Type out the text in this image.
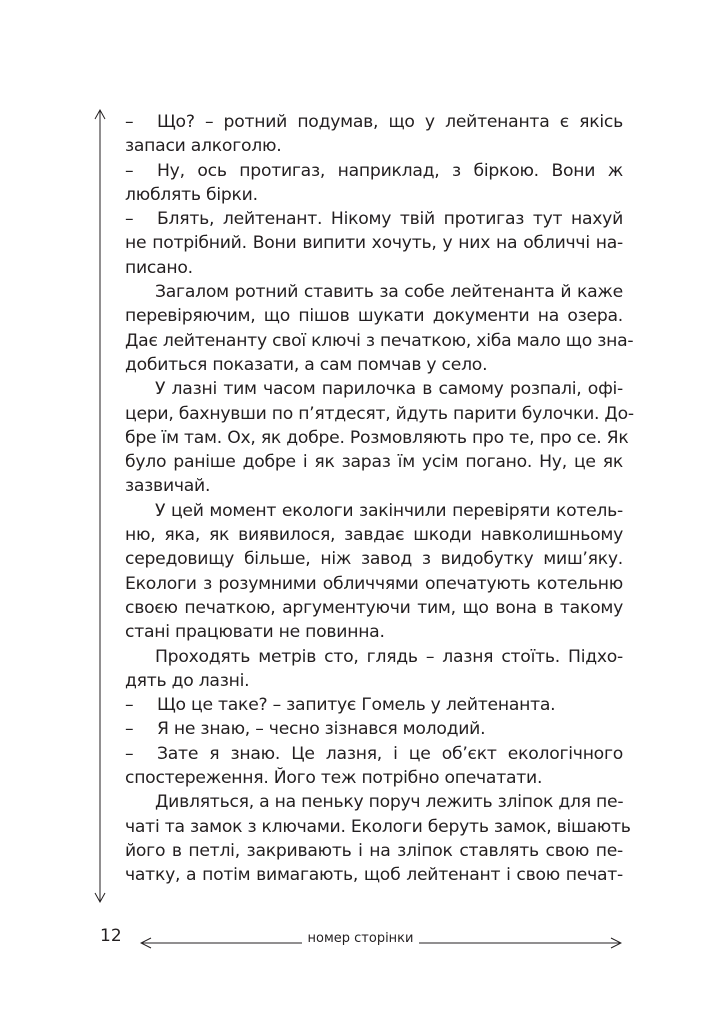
– Що? – ротний подумав, що у лейтенанта є якісь
запаси алкоголю.
– Ну, ось протигаз, наприклад, з біркою. Вони ж
люблять бірки.
– Блять, лейтенант. Нікому твій протигаз тут нахуй
не потрібний. Вони випити хочуть, у них на обличчі на-
писано.
Загалом ротний ставить за собе лейтенанта й каже
перевіряючим, що пішов шукати документи на озера.
Дає лейтенанту свої ключі з печаткою, хіба мало що зна-
добиться показати, а сам помчав у село.
У лазні тим часом парилочка в самому розпалі, офі-
цери, бахнувши по п’ятдесят, йдуть парити булочки. До-
бре їм там. Ох, як добре. Розмовляють про те, про се. Як
було раніше добре і як зараз їм усім погано. Ну, це як
зазвичай.
У цей момент екологи закінчили перевіряти котель-
ню, яка, як виявилося, завдає шкоди навколишньому
середовищу більше, ніж завод з видобутку миш’яку.
Екологи з розумними обличчями опечатують котельню
своєю печаткою, аргументуючи тим, що вона в такому
стані працювати не повинна.
Проходять метрів сто, глядь – лазня стоїть. Підхо-
дять до лазні.
– Що це таке? – запитує Гомель у лейтенанта.
– Я не знаю, – чесно зізнався молодий.
– Зате я знаю. Це лазня, і це об’єкт екологічного
спостереження. Його теж потрібно опечатати.
Дивляться, а на пеньку поруч лежить зліпок для пе-
чаті та замок з ключами. Екологи беруть замок, вішають
його в петлі, закривають і на зліпок ставлять свою пе-
чатку, а потім вимагають, щоб лейтенант і свою печат-
12	номер сторінки
